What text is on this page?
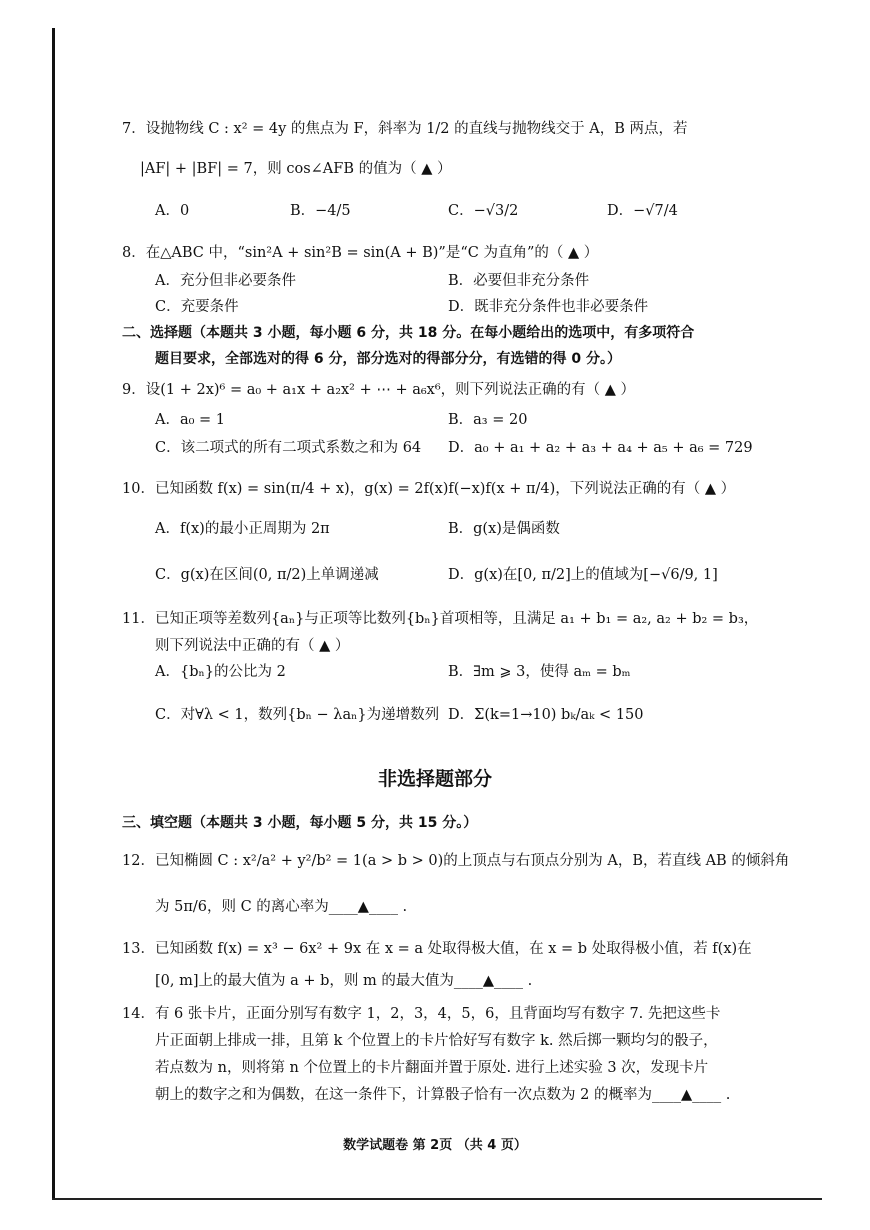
7．设抛物线 C : x² = 4y 的焦点为 F，斜率为 1/2 的直线与抛物线交于 A，B 两点，若
|AF| + |BF| = 7，则 cos∠AFB 的值为（ ▲ ）
A．0	B．−4/5	C．−√3/2	D．−√7/4
8．在△ABC 中，“sin²A + sin²B = sin(A + B)”是“C 为直角”的（ ▲ ）
A．充分但非必要条件	B．必要但非充分条件
C．充要条件	D．既非充分条件也非必要条件
二、选择题（本题共 3 小题，每小题 6 分，共 18 分。在每小题给出的选项中，有多项符合
题目要求，全部选对的得 6 分，部分选对的得部分分，有选错的得 0 分。）
9．设(1 + 2x)⁶ = a₀ + a₁x + a₂x² + ⋯ + a₆x⁶，则下列说法正确的有（ ▲ ）
A．a₀ = 1	B．a₃ = 20
C．该二项式的所有二项式系数之和为 64 D．a₀ + a₁ + a₂ + a₃ + a₄ + a₅ + a₆ = 729
10．已知函数 f(x) = sin(π/4 + x)，g(x) = 2f(x)f(−x)f(x + π/4)，下列说法正确的有（ ▲ ）
A．f(x)的最小正周期为 2π	B．g(x)是偶函数
C．g(x)在区间(0, π/2)上单调递减	D．g(x)在[0, π/2]上的值域为[−√6/9, 1]
11．已知正项等差数列{aₙ}与正项等比数列{bₙ}首项相等，且满足 a₁ + b₁ = a₂, a₂ + b₂ = b₃，
则下列说法中正确的有（ ▲ ）
A．{bₙ}的公比为 2	B．∃m ⩾ 3，使得 aₘ = bₘ
C．对∀λ < 1，数列{bₙ − λaₙ}为递增数列 D．Σ(k=1→10) bₖ/aₖ < 150
非选择题部分
三、填空题（本题共 3 小题，每小题 5 分，共 15 分。）
12．已知椭圆 C : x²/a² + y²/b² = 1(a > b > 0)的上顶点与右顶点分别为 A，B，若直线 AB 的倾斜角
为 5π/6，则 C 的离心率为____▲____ .
13．已知函数 f(x) = x³ − 6x² + 9x 在 x = a 处取得极大值，在 x = b 处取得极小值，若 f(x)在
[0, m]上的最大值为 a + b，则 m 的最大值为____▲____ .
14．有 6 张卡片，正面分别写有数字 1，2，3，4，5，6，且背面均写有数字 7. 先把这些卡
片正面朝上排成一排，且第 k 个位置上的卡片恰好写有数字 k. 然后掷一颗均匀的骰子，
若点数为 n，则将第 n 个位置上的卡片翻面并置于原处. 进行上述实验 3 次，发现卡片
朝上的数字之和为偶数，在这一条件下，计算骰子恰有一次点数为 2 的概率为____▲____ .
数学试题卷 第 2页 （共 4 页）
